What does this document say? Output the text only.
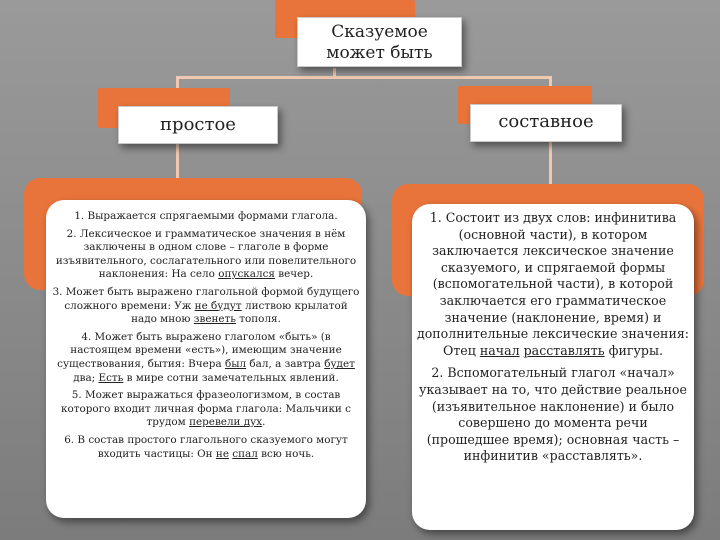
Сказуемое
может быть
простое	составное

1. Выражается спрягаемыми формами глагола.

2. Лексическое и грамматическое значения в нём заключены в одном слове – глаголе в форме изъявительного, сослагательного или повелительного наклонения: На село опускался вечер.

3. Может быть выражено глагольной формой будущего сложного времени: Уж не будут листвою крылатой надо мною звенеть тополя.

4. Может быть выражено глаголом «быть» (в настоящем времени «есть»), имеющим значение существования, бытия: Вчера был бал, а завтра будет два; Есть в мире сотни замечательных явлений.

5. Может выражаться фразеологизмом, в состав которого входит личная форма глагола: Мальчики с трудом перевели дух.

6. В состав простого глагольного сказуемого могут входить частицы: Он не спал всю ночь.

1. Состоит из двух слов: инфинитива (основной части), в котором заключается лексическое значение сказуемого, и спрягаемой формы (вспомогательной части), в которой заключается его грамматическое значение (наклонение, время) и дополнительные лексические значения: Отец начал расставлять фигуры.

2. Вспомогательный глагол «начал» указывает на то, что действие реальное (изъявительное наклонение) и было совершено до момента речи (прошедшее время); основная часть – инфинитив «расставлять».
